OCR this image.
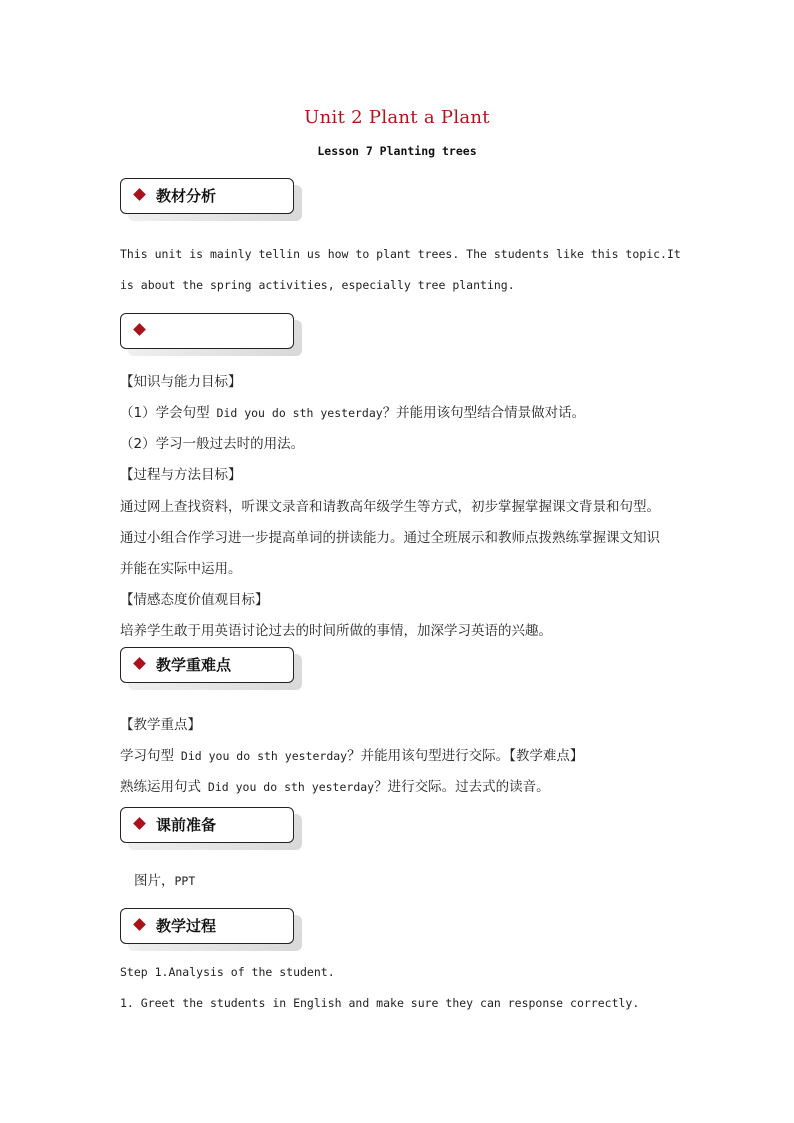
Unit 2 Plant a Plant
Lesson 7 Planting trees
教材分析
This unit is mainly tellin us how to plant trees. The students like this topic.It
is about the spring activities, especially tree planting.
【知识与能力目标】
（1）学会句型 Did you do sth yesterday？并能用该句型结合情景做对话。
（2）学习一般过去时的用法。
【过程与方法目标】
通过网上查找资料，听课文录音和请教高年级学生等方式，初步掌握掌握课文背景和句型。
通过小组合作学习进一步提高单词的拼读能力。通过全班展示和教师点拨熟练掌握课文知识
并能在实际中运用。
【情感态度价值观目标】
培养学生敢于用英语讨论过去的时间所做的事情，加深学习英语的兴趣。
教学重难点
【教学重点】
学习句型 Did you do sth yesterday？并能用该句型进行交际。【教学难点】
熟练运用句式 Did you do sth yesterday？进行交际。过去式的读音。
课前准备
图片，PPT
教学过程
Step 1.Analysis of the student.
1. Greet the students in English and make sure they can response correctly.
